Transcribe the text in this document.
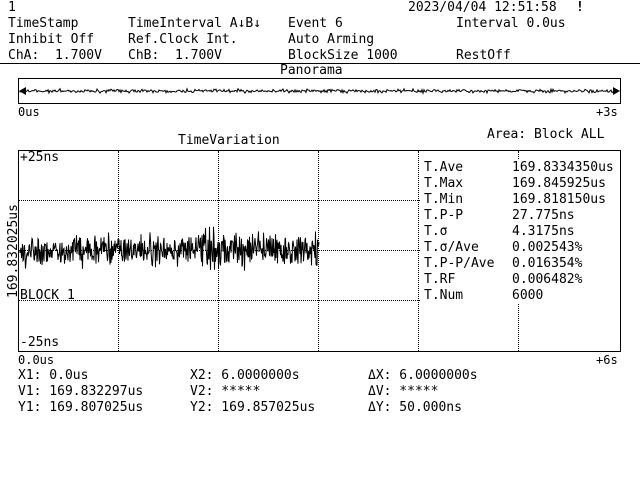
1	2023/04/04 12:51:58 !
TimeStamp	TimeInterval A↓B↓ Event 6	Interval 0.0us
Inhibit Off	Ref.Clock Int.	Auto Arming
ChA:  1.700V ChB:  1.700V	BlockSize 1000	RestOff
Panorama
0us	+3s
TimeVariation	Area: Block ALL
+25ns
-25ns
169.832025us BLOCK 1
0.0us	+6s
T.Ave	169.8334350us
T.Max	169.845925us
T.Min	169.818150us
T.P-P	27.775ns
T.σ	4.3175ns
T.σ/Ave	0.002543%
T.P-P/Ave 0.016354%
T.RF	0.006482%
T.Num	6000
X1: 0.0us	X2: 6.0000000s	ΔX: 6.0000000s
V1: 169.832297us	V2: *****	ΔV: *****
Y1: 169.807025us	Y2: 169.857025us	ΔY: 50.000ns
